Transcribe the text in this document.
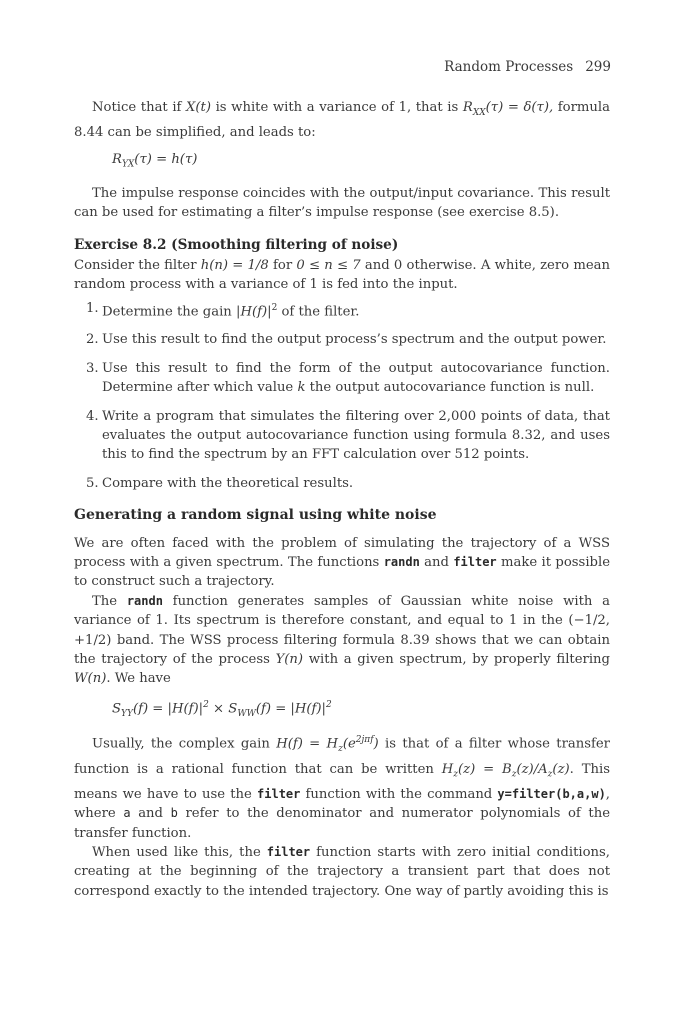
Random Processes 299

Notice that if X(t) is white with a variance of 1, that is $R_{XX}(\tau) = \delta(\tau)$, formula 8.44 can be simplified, and leads to:

$R_{YX}(\tau) = h(\tau)$

The impulse response coincides with the output/input covariance. This result can be used for estimating a filter’s impulse response (see exercise 8.5).

Exercise 8.2 (Smoothing filtering of noise)

Consider the filter h(n) = 1/8 for 0 ≤ n ≤ 7 and 0 otherwise. A white, zero mean random process with a variance of 1 is fed into the input.

1. Determine the gain $|H(f)|^2$ of the filter.
2. Use this result to find the output process’s spectrum and the output power.
3. Use this result to find the form of the output autocovariance function. Determine after which value k the output autocovariance function is null.
4. Write a program that simulates the filtering over 2,000 points of data, that evaluates the output autocovariance function using formula 8.32, and uses this to find the spectrum by an FFT calculation over 512 points.
5. Compare with the theoretical results.
Generating a random signal using white noise

We are often faced with the problem of simulating the trajectory of a WSS process with a given spectrum. The functions randn and filter make it possible to construct such a trajectory.

The randn function generates samples of Gaussian white noise with a variance of 1. Its spectrum is therefore constant, and equal to 1 in the (−1/2, +1/2) band. The WSS process filtering formula 8.39 shows that we can obtain the trajectory of the process Y(n) with a given spectrum, by properly filtering W(n). We have

$S_{YY}(f) = |H(f)|^2 \times S_{WW}(f) = |H(f)|^2$

Usually, the complex gain $H(f) = H_z(e^{2j\pi f})$ is that of a filter whose transfer function is a rational function that can be written $H_z(z) = B_z(z)/A_z(z)$. This means we have to use the filter function with the command y=filter(b,a,w), where a and b refer to the denominator and numerator polynomials of the transfer function.

When used like this, the filter function starts with zero initial conditions, creating at the beginning of the trajectory a transient part that does not correspond exactly to the intended trajectory. One way of partly avoiding this is
